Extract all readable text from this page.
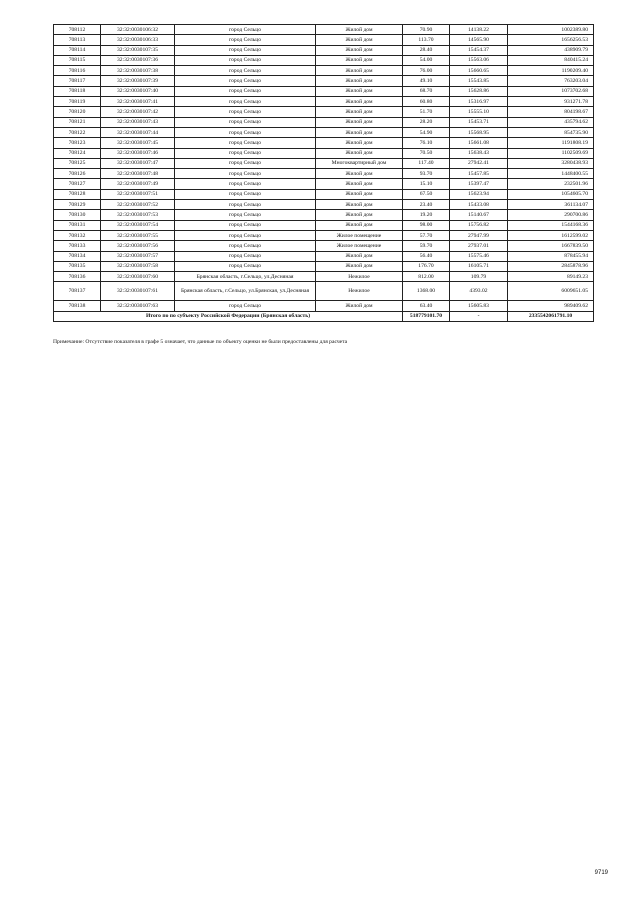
708112	32:32:0030106:32	город Сельцо	Жилой дом	70.90	14138.22	1002389.80
708113	32:32:0030106:33	город Сельцо	Жилой дом	113.70	14565.90	1656256.53
708114	32:32:0030107:35	город Сельцо	Жилой дом	28.40	15454.37	438909.79
708115	32:32:0030107:36	город Сельцо	Жилой дом	54.00	15563.06	840415.24
708116	32:32:0030107:38	город Сельцо	Жилой дом	76.00	15660.65	1190209.40
708117	32:32:0030107:39	город Сельцо	Жилой дом	49.10	15543.85	763203.04
708118	32:32:0030107:40	город Сельцо	Жилой дом	68.70	15628.86	1073702.68
708119	32:32:0030107:41	город Сельцо	Жилой дом	60.80	15316.97	931271.78
708120	32:32:0030107:42	город Сельцо	Жилой дом	51.70	15555.10	804198.67
708121	32:32:0030107:43	город Сельцо	Жилой дом	28.20	15453.71	435794.62
708122	32:32:0030107:44	город Сельцо	Жилой дом	54.90	15568.95	854735.90
708123	32:32:0030107:45	город Сельцо	Жилой дом	76.10	15661.08	1191808.19
708124	32:32:0030107:46	город Сельцо	Жилой дом	70.50	15638.43	1102509.69
708125	32:32:0030107:47	город Сельцо	Многоквартирный дом	117.40	27942.41	3280438.93
708126	32:32:0030107:48	город Сельцо	Жилой дом	93.70	15457.85	1448400.55
708127	32:32:0030107:49	город Сельцо	Жилой дом	15.10	15397.47	232501.96
708128	32:32:0030107:51	город Сельцо	Жилой дом	67.50	15623.94	1054605.70
708129	32:32:0030107:52	город Сельцо	Жилой дом	23.40	15433.08	361134.07
708130	32:32:0030107:53	город Сельцо	Жилой дом	19.20	15140.67	290700.86
708131	32:32:0030107:54	город Сельцо	Жилой дом	98.00	15756.82	1544168.36
708132	32:32:0030107:55	город Сельцо	Жилое помещение	57.70	27947.99	1612599.02
708133	32:32:0030107:56	город Сельцо	Жилое помещение	59.70	27937.01	1667839.50
708134	32:32:0030107:57	город Сельцо	Жилой дом	56.40	15575.46	878455.94
708135	32:32:0030107:58	город Сельцо	Жилой дом	176.70	16105.71	2845878.96
708136	32:32:0030107:60	Брянская область, г.Сельцо, ул.Десняная	Нежилое	812.00	109.79	89149.23
708137	32:32:0030107:61	Брянская область, г.Сельцо, ул.Брянская, ул.Десняная	Нежилое	1368.00	4393.02	6009651.05
708138	32:32:0030107:63	город Сельцо	Жилой дом	63.40	15605.83	989409.62
Итого по по субъекту Российской Федерации (Брянская область)				518779101.70	-	2335542061791.10
Примечание: Отсутствие показателя в графе 5 означает, что данные по объекту оценки не были предоставлены для расчета
9719
